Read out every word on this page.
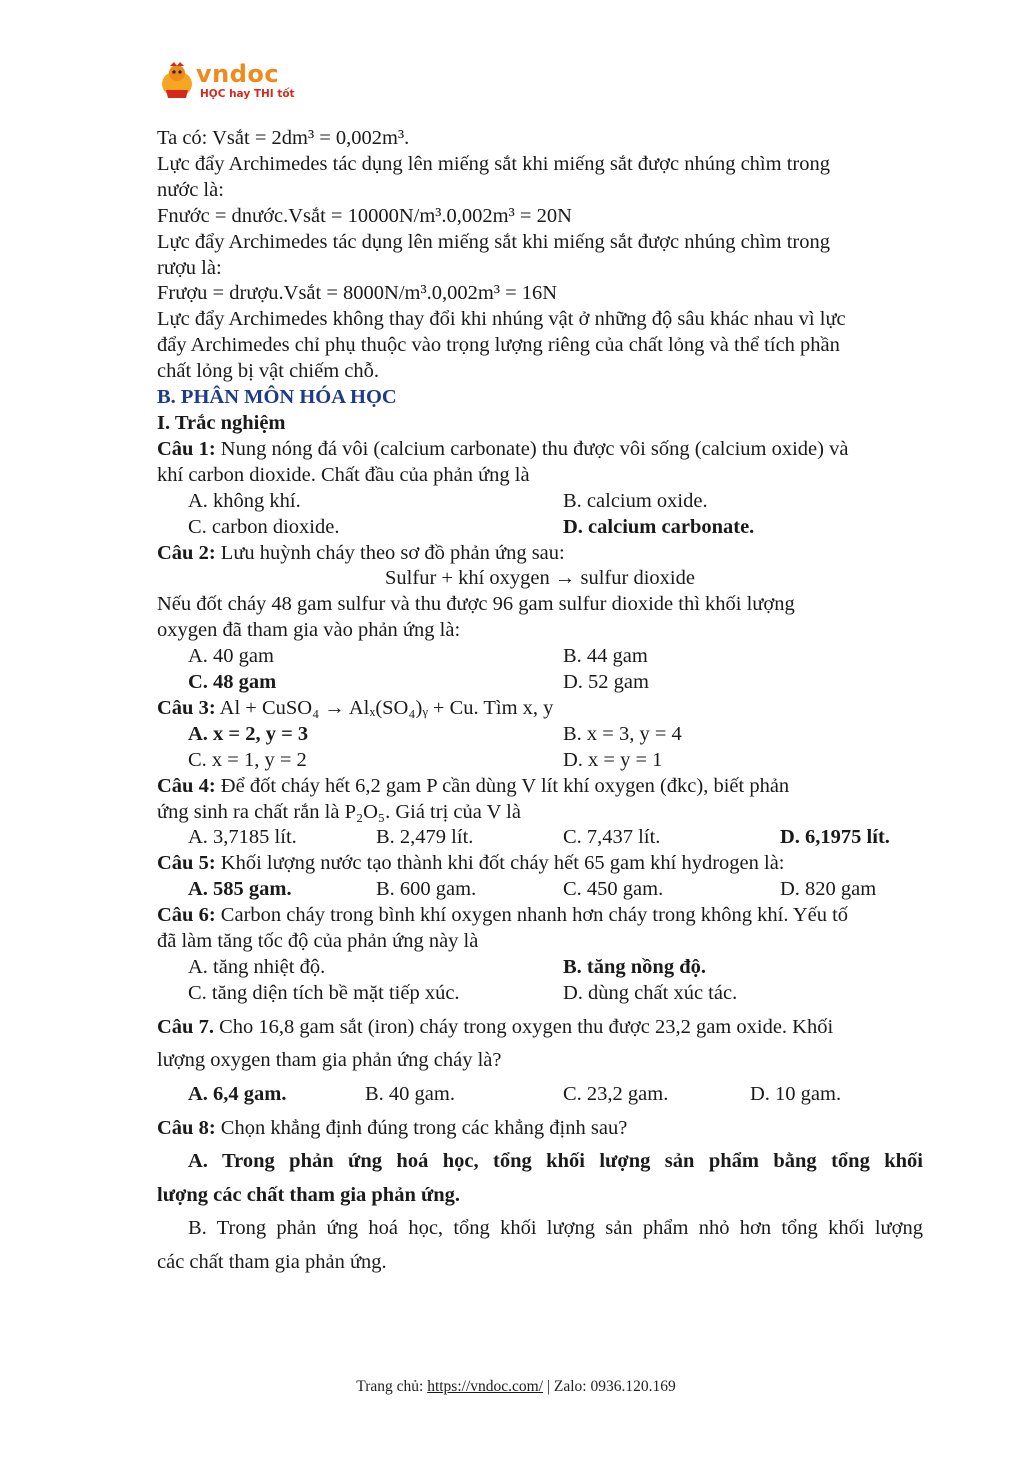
vndoc
HỌC hay THI tốt
Ta có: Vsắt = 2dm³ = 0,002m³.
Lực đẩy Archimedes tác dụng lên miếng sắt khi miếng sắt được nhúng chìm trong
nước là:
Fnước = dnước.Vsắt = 10000N/m³.0,002m³ = 20N
Lực đẩy Archimedes tác dụng lên miếng sắt khi miếng sắt được nhúng chìm trong
rượu là:
Frượu = drượu.Vsắt = 8000N/m³.0,002m³ = 16N
Lực đẩy Archimedes không thay đổi khi nhúng vật ở những độ sâu khác nhau vì lực
đẩy Archimedes chỉ phụ thuộc vào trọng lượng riêng của chất lỏng và thể tích phần
chất lỏng bị vật chiếm chỗ.
B. PHÂN MÔN HÓA HỌC
I. Trắc nghiệm
Câu 1: Nung nóng đá vôi (calcium carbonate) thu được vôi sống (calcium oxide) và
khí carbon dioxide. Chất đầu của phản ứng là
A. không khí.	B. calcium oxide.
C. carbon dioxide.	D. calcium carbonate.
Câu 2: Lưu huỳnh cháy theo sơ đồ phản ứng sau:
Sulfur + khí oxygen → sulfur dioxide
Nếu đốt cháy 48 gam sulfur và thu được 96 gam sulfur dioxide thì khối lượng
oxygen đã tham gia vào phản ứng là:
A. 40 gam	B. 44 gam
C. 48 gam	D. 52 gam
Câu 3: Al + CuSO₄ → Alₓ(SO₄)ᵧ + Cu. Tìm x, y
A. x = 2, y = 3	B. x = 3, y = 4
C. x = 1, y = 2	D. x = y = 1
Câu 4: Để đốt cháy hết 6,2 gam P cần dùng V lít khí oxygen (đkc), biết phản
ứng sinh ra chất rắn là P₂O₅. Giá trị của V là
A. 3,7185 lít.	B. 2,479 lít.	C. 7,437 lít.	D. 6,1975 lít.
Câu 5: Khối lượng nước tạo thành khi đốt cháy hết 65 gam khí hydrogen là:
A. 585 gam.	B. 600 gam.	C. 450 gam.	D. 820 gam
Câu 6: Carbon cháy trong bình khí oxygen nhanh hơn cháy trong không khí. Yếu tố
đã làm tăng tốc độ của phản ứng này là
A. tăng nhiệt độ.	B. tăng nồng độ.
C. tăng diện tích bề mặt tiếp xúc.	D. dùng chất xúc tác.
Câu 7. Cho 16,8 gam sắt (iron) cháy trong oxygen thu được 23,2 gam oxide. Khối
lượng oxygen tham gia phản ứng cháy là?
A. 6,4 gam.	B. 40 gam.	C. 23,2 gam.	D. 10 gam.
Câu 8: Chọn khẳng định đúng trong các khẳng định sau?
A. Trong phản ứng hoá học, tổng khối lượng sản phẩm bằng tổng khối
lượng các chất tham gia phản ứng.
B. Trong phản ứng hoá học, tổng khối lượng sản phẩm nhỏ hơn tổng khối lượng
các chất tham gia phản ứng.
Trang chủ: https://vndoc.com/ | Zalo: 0936.120.169
